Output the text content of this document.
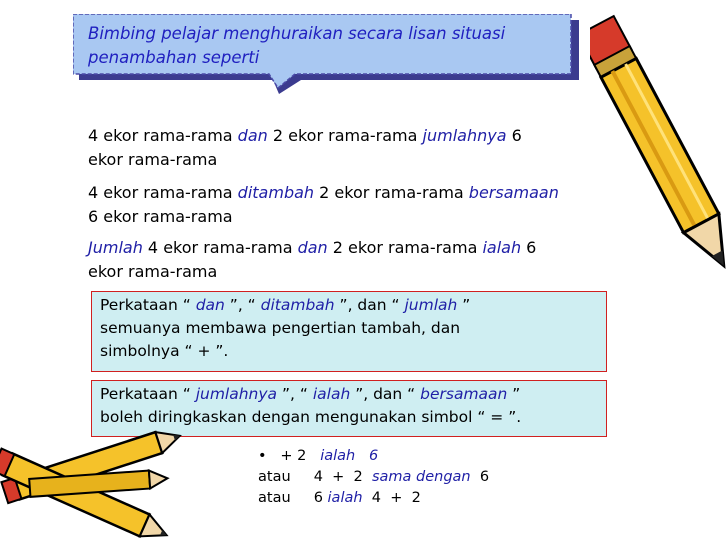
Bimbing pelajar menghuraikan secara lisan situasi
penambahan seperti
4 ekor rama-rama dan 2 ekor rama-rama jumlahnya 6
ekor rama-rama
4 ekor rama-rama ditambah 2 ekor rama-rama bersamaan
6 ekor rama-rama
Jumlah 4 ekor rama-rama dan 2 ekor rama-rama ialah 6
ekor rama-rama
Perkataan “ dan ”, “ ditambah ”, dan “ jumlah ”
semuanya membawa pengertian tambah, dan
simbolnya “ + ”.
Perkataan “ jumlahnya ”, “ ialah ”, dan “ bersamaan ”
boleh diringkaskan dengan mengunakan simbol “ = ”.
•   + 2   ialah   6
atau     4  +  2  sama dengan  6
atau     6 ialah  4  +  2
